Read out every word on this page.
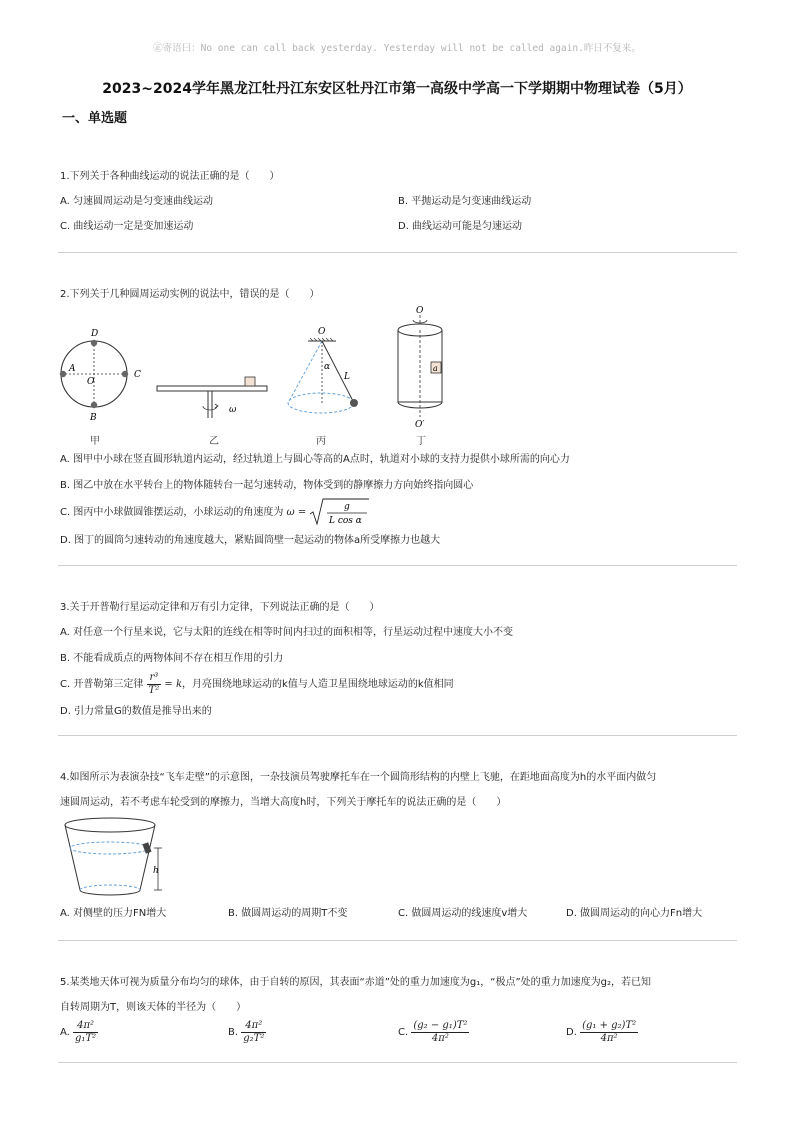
㊣寄语曰：No one can call back yesterday. Yesterday will not be called again.昨日不复来。
2023~2024学年黑龙江牡丹江东安区牡丹江市第一高级中学高一下学期期中物理试卷（5月）
一、单选题
1.下列关于各种曲线运动的说法正确的是（　　）
A. 匀速圆周运动是匀变速曲线运动	B. 平抛运动是匀变速曲线运动
C. 曲线运动一定是变加速运动	D. 曲线运动可能是匀速运动
2.下列关于几种圆周运动实例的说法中，错误的是（　　）
D
A
O
C
B
甲
ω
乙
O
α
L
丙
O
a
O′
丁
A. 图甲中小球在竖直圆形轨道内运动，经过轨道上与圆心等高的A点时，轨道对小球的支持力提供小球所需的向心力
B. 图乙中放在水平转台上的物体随转台一起匀速转动，物体受到的静摩擦力方向始终指向圆心
C. 图丙中小球做圆锥摆运动，小球运动的角速度为 ω =	g
L cos α
D. 图丁的圆筒匀速转动的角速度越大，紧贴圆筒壁一起运动的物体a所受摩擦力也越大
3.关于开普勒行星运动定律和万有引力定律，下列说法正确的是（　　）
A. 对任意一个行星来说，它与太阳的连线在相等时间内扫过的面积相等，行星运动过程中速度大小不变
B. 不能看成质点的两物体间不存在相互作用的引力
C. 开普勒第三定律 $\frac{\text{r³}}{\text{T²}} = k$，月亮围绕地球运动的k值与人造卫星围绕地球运动的k值相同
D. 引力常量G的数值是推导出来的
4.如图所示为表演杂技“飞车走壁”的示意图，一杂技演员驾驶摩托车在一个圆筒形结构的内壁上飞驰，在距地面高度为h的水平面内做匀
速圆周运动，若不考虑车轮受到的摩擦力，当增大高度h时，下列关于摩托车的说法正确的是（　　）
h
A. 对侧壁的压力FN增大	B. 做圆周运动的周期T不变	C. 做圆周运动的线速度v增大	D. 做圆周运动的向心力Fn增大
5.某类地天体可视为质量分布均匀的球体，由于自转的原因，其表面“赤道”处的重力加速度为g₁，“极点”处的重力加速度为g₂，若已知
自转周期为T，则该天体的半径为（　　）
A. $\frac{\text{4π²}}{\text{g₁T²}}$	B. $\frac{\text{4π²}}{\text{g₂T²}}$	C. $\frac{\text{(g₂ − g₁)T²}}{\text{4π²}}$	D. $\frac{\text{(g₁ + g₂)T²}}{\text{4π²}}$
